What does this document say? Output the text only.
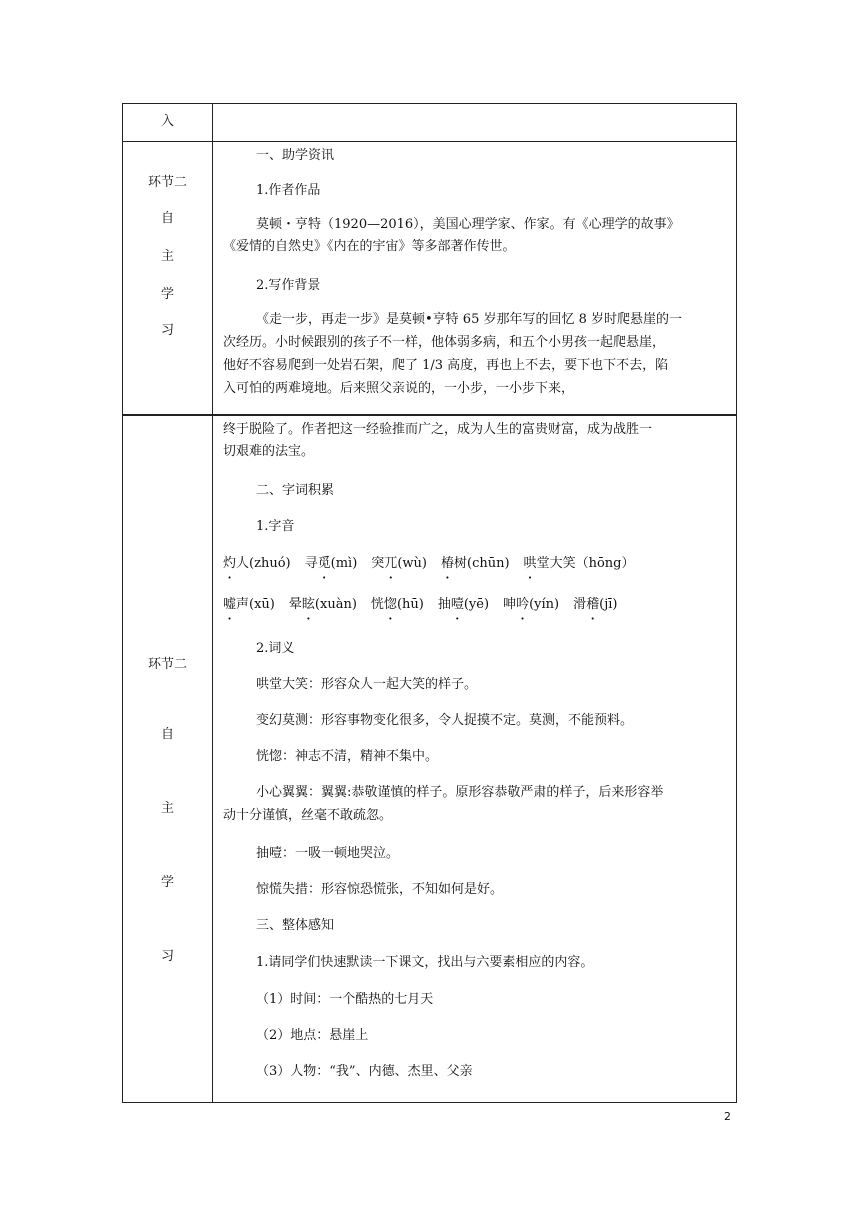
入
环节二
自
主
学
习
一、助学资讯
1.作者作品
莫顿・亨特（1920—2016），美国心理学家、作家。有《心理学的故事》
《爱情的自然史》《内在的宇宙》等多部著作传世。
2.写作背景
《走一步，再走一步》是莫顿•亨特 65 岁那年写的回忆 8 岁时爬悬崖的一
次经历。小时候跟别的孩子不一样，他体弱多病，和五个小男孩一起爬悬崖，
他好不容易爬到一处岩石架，爬了 1/3 高度，再也上不去，要下也下不去，陷
入可怕的两难境地。后来照父亲说的，一小步，一小步下来，
环节二
自
主
学
习
终于脱险了。作者把这一经验推而广之，成为人生的富贵财富，成为战胜一
切艰难的法宝。
二、字词积累
1.字音
灼人(zhuó) 寻觅(mì) 突兀(wù) 椿树(chūn) 哄堂大笑（hōng）
嘘声(xū) 晕眩(xuàn) 恍惚(hū) 抽噎(yē) 呻吟(yín) 滑稽(jī)
2.词义
哄堂大笑：形容众人一起大笑的样子。
变幻莫测：形容事物变化很多，令人捉摸不定。莫测，不能预料。
恍惚：神志不清，精神不集中。
小心翼翼：翼翼:恭敬谨慎的样子。原形容恭敬严肃的样子，后来形容举
动十分谨慎，丝毫不敢疏忽。
抽噎：一吸一顿地哭泣。
惊慌失措：形容惊恐慌张，不知如何是好。
三、整体感知
1.请同学们快速默读一下课文，找出与六要素相应的内容。
（1）时间：一个酷热的七月天
（2）地点：悬崖上
（3）人物：“我”、内德、杰里、父亲
2
